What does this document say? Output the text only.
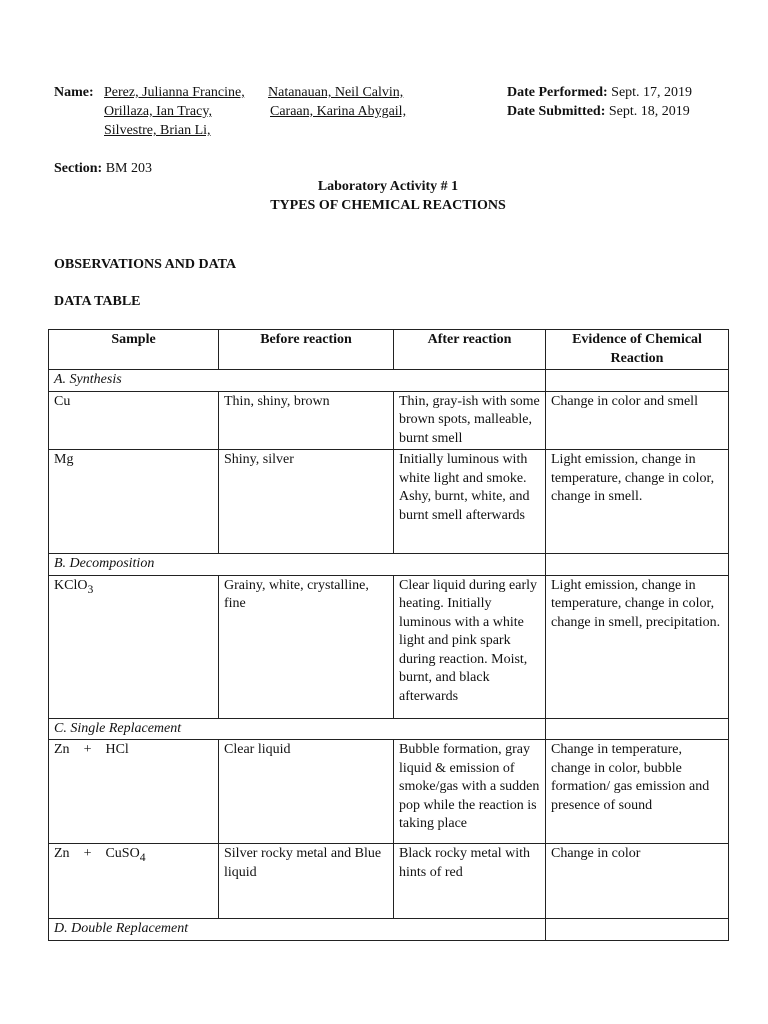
Name: Perez, Julianna Francine,
Orillaza, Ian Tracy,
Silvestre, Brian Li,
Natanauan, Neil Calvin,
Caraan, Karina Abygail,
Date Performed: Sept. 17, 2019
Date Submitted: Sept. 18, 2019
Section: BM 203
Laboratory Activity # 1
TYPES OF CHEMICAL REACTIONS
OBSERVATIONS AND DATA
DATA TABLE
Sample	Before reaction	After reaction	Evidence of Chemical Reaction
A. Synthesis			
Cu	Thin, shiny, brown	Thin, gray-ish with some brown spots, malleable, burnt smell	Change in color and smell
Mg	Shiny, silver	Initially luminous with white light and smoke. Ashy, burnt, white, and burnt smell afterwards	Light emission, change in temperature, change in color, change in smell.
B. Decomposition			
KClO$_3$	Grainy, white, crystalline, fine	Clear liquid during early heating. Initially luminous with a white light and pink spark during reaction. Moist, burnt, and black afterwards	Light emission, change in temperature, change in color, change in smell, precipitation.
C. Single Replacement			
Zn + HCl	Clear liquid	Bubble formation, gray liquid & emission of smoke/gas with a sudden pop while the reaction is taking place	Change in temperature, change in color, bubble formation/ gas emission and presence of sound
Zn + CuSO$_4$	Silver rocky metal and Blue liquid	Black rocky metal with hints of red	Change in color
D. Double Replacement			
